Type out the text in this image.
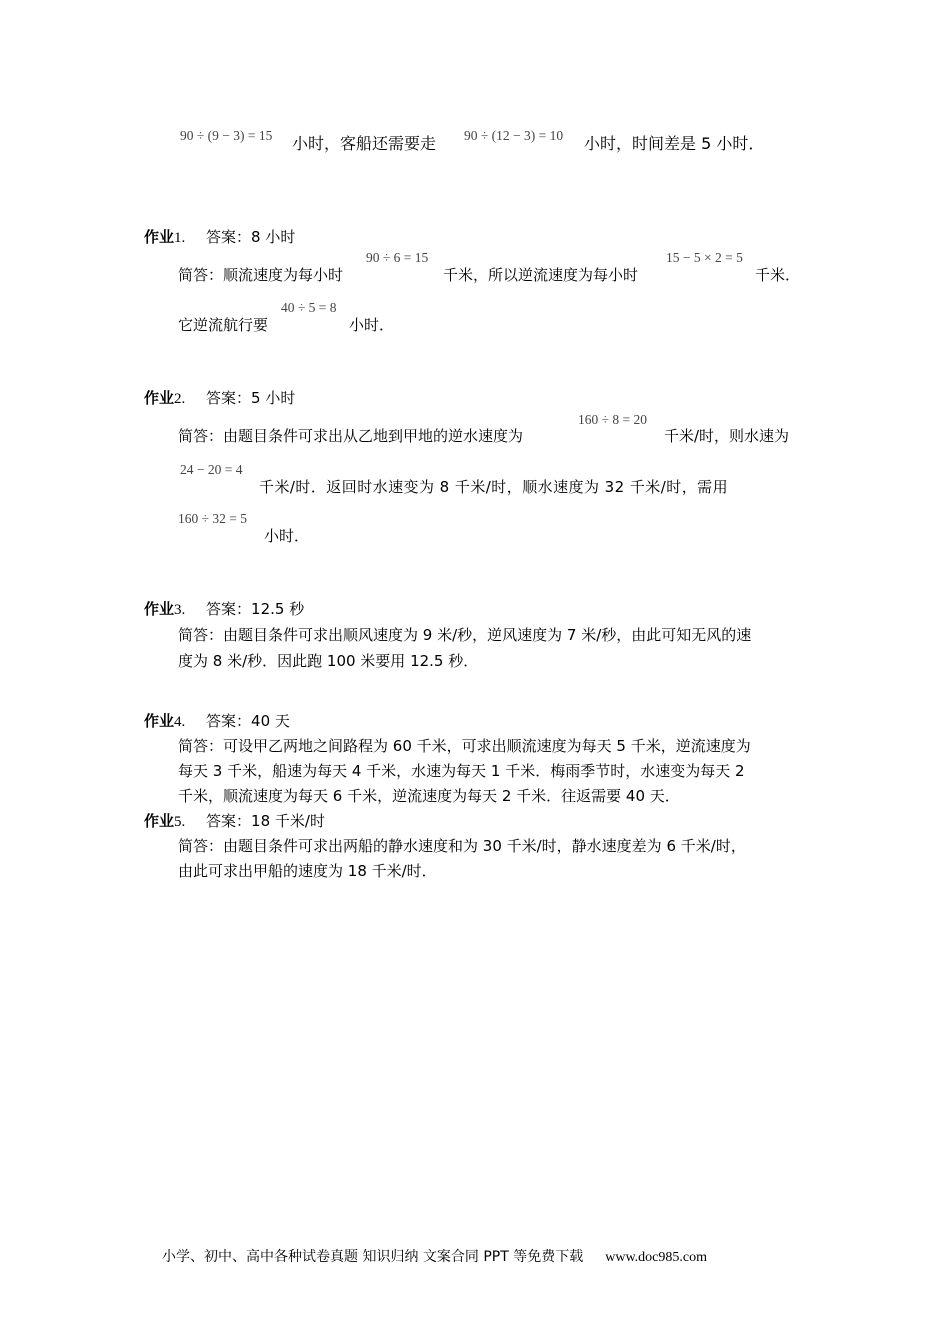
90 ÷ (9 − 3) = 15 小时，客船还需要走 90 ÷ (12 − 3) = 10 小时，时间差是 5 小时．
作业1. 答案：8 小时
90 ÷ 6 = 15	15 − 5 × 2 = 5
简答：顺流速度为每小时	千米，所以逆流速度为每小时	千米．
40 ÷ 5 = 8
它逆流航行要	小时．
作业2. 答案：5 小时
160 ÷ 8 = 20
简答：由题目条件可求出从乙地到甲地的逆水速度为	千米/时，则水速为
24 − 20 = 4
千米/时．返回时水速变为 8 千米/时，顺水速度为 32 千米/时，需用
160 ÷ 32 = 5
小时．
作业3. 答案：12.5 秒
简答：由题目条件可求出顺风速度为 9 米/秒，逆风速度为 7 米/秒，由此可知无风的速
度为 8 米/秒．因此跑 100 米要用 12.5 秒．
作业4. 答案：40 天
简答：可设甲乙两地之间路程为 60 千米，可求出顺流速度为每天 5 千米，逆流速度为
每天 3 千米，船速为每天 4 千米，水速为每天 1 千米．梅雨季节时，水速变为每天 2
千米，顺流速度为每天 6 千米，逆流速度为每天 2 千米．往返需要 40 天．
作业5. 答案：18 千米/时
简答：由题目条件可求出两船的静水速度和为 30 千米/时，静水速度差为 6 千米/时，
由此可求出甲船的速度为 18 千米/时．
小学、初中、高中各种试卷真题 知识归纳 文案合同 PPT 等免费下载 www.doc985.com
